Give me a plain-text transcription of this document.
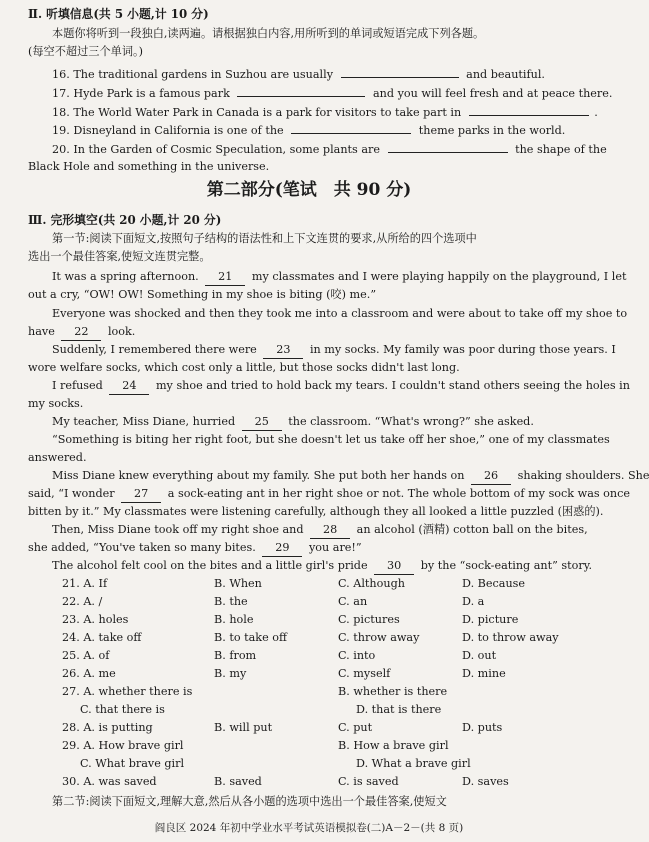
Ⅱ. 听填信息(共 5 小题,计 10 分)
本题你将听到一段独白,读两遍。请根据独白内容,用所听到的单词或短语完成下列各题。
(每空不超过三个单词。)
16. The traditional gardens in Suzhou are usually	and beautiful.
17. Hyde Park is a famous park	and you will feel fresh and at peace there.
18. The World Water Park in Canada is a park for visitors to take part in	.
19. Disneyland in California is one of the	theme parks in the world.
20. In the Garden of Cosmic Speculation, some plants are	the shape of the
Black Hole and something in the universe.
第二部分(笔试　共 90 分)
Ⅲ. 完形填空(共 20 小题,计 20 分)
第一节:阅读下面短文,按照句子结构的语法性和上下文连贯的要求,从所给的四个选项中
选出一个最佳答案,使短文连贯完整。
It was a spring afternoon. 21 my classmates and I were playing happily on the playground, I let
out a cry, “OW! OW! Something in my shoe is biting (咬) me.”
Everyone was shocked and then they took me into a classroom and were about to take off my shoe to
have 22 look.
Suddenly, I remembered there were 23 in my socks. My family was poor during those years. I
wore welfare socks, which cost only a little, but those socks didn't last long.
I refused 24 my shoe and tried to hold back my tears. I couldn't stand others seeing the holes in
my socks.
My teacher, Miss Diane, hurried 25 the classroom. “What's wrong?” she asked.
“Something is biting her right foot, but she doesn't let us take off her shoe,” one of my classmates
answered.
Miss Diane knew everything about my family. She put both her hands on 26 shaking shoulders. She
said, “I wonder 27 a sock-eating ant in her right shoe or not. The whole bottom of my sock was once
bitten by it.” My classmates were listening carefully, although they all looked a little puzzled (困惑的).
Then, Miss Diane took off my right shoe and 28 an alcohol (酒精) cotton ball on the bites,
she added, “You've taken so many bites. 29 you are!”
The alcohol felt cool on the bites and a little girl's pride 30 by the “sock-eating ant” story.
21. A. If	B. When	C. Although	D. Because
22. A. /	B. the	C. an	D. a
23. A. holes	B. hole	C. pictures	D. picture
24. A. take off	B. to take off	C. throw away	D. to throw away
25. A. of	B. from	C. into	D. out
26. A. me	B. my	C. myself	D. mine
27. A. whether there is	B. whether is there
C. that there is	D. that is there
28. A. is putting	B. will put	C. put	D. puts
29. A. How brave girl	B. How a brave girl
C. What brave girl	D. What a brave girl
30. A. was saved	B. saved	C. is saved	D. saves
第二节:阅读下面短文,理解大意,然后从各小题的选项中选出一个最佳答案,使短文
阎良区 2024 年初中学业水平考试英语模拟卷(二)A－2－(共 8 页)
